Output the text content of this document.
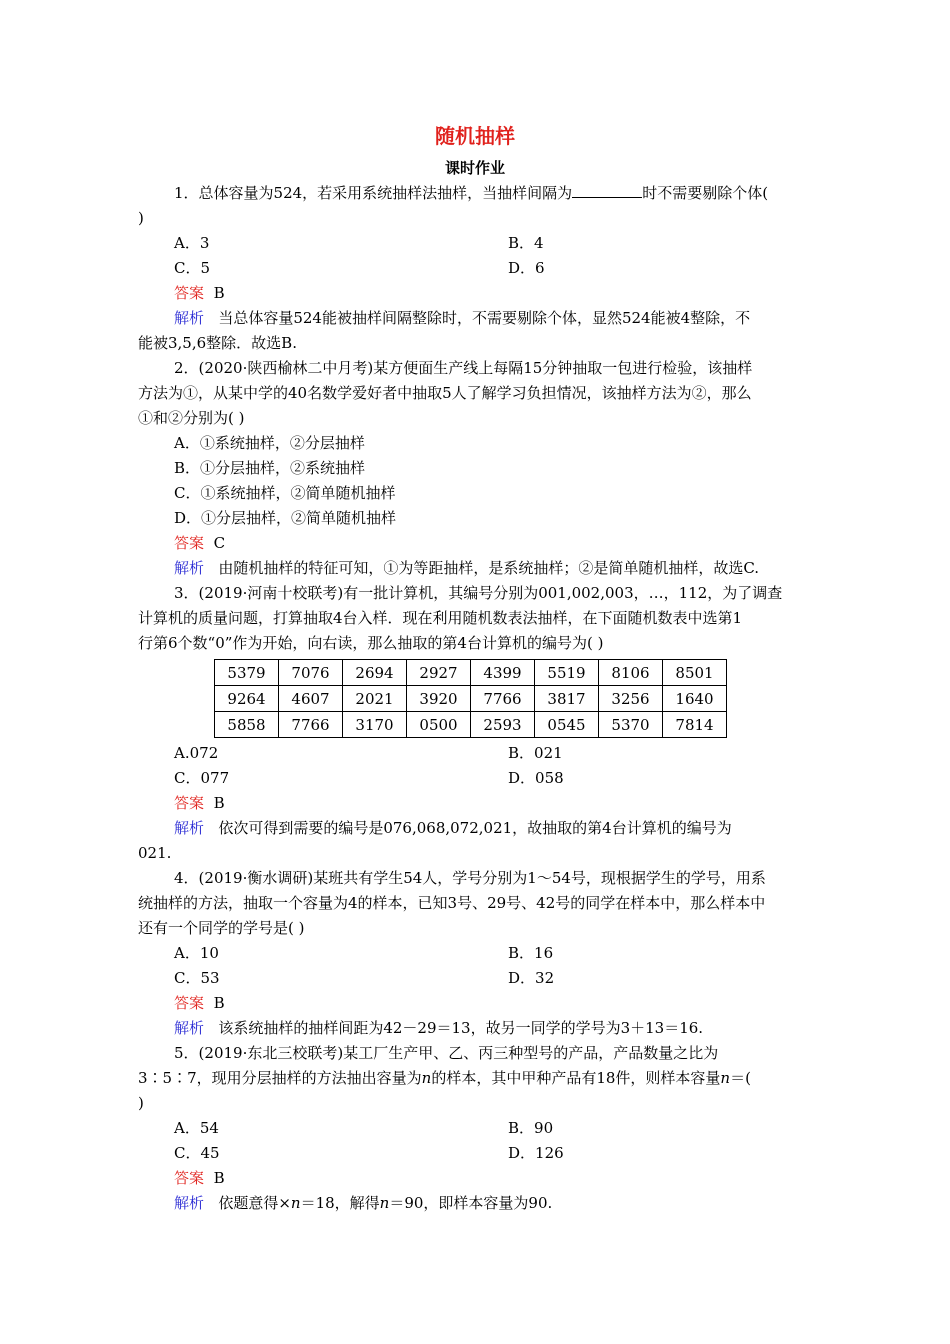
随机抽样
课时作业
1．总体容量为524，若采用系统抽样法抽样，当抽样间隔为	时不需要剔除个体(
)
A．3	B．4
C．5	D．6
答案 B
解析 当总体容量524能被抽样间隔整除时，不需要剔除个体，显然524能被4整除，不
能被3,5,6整除．故选B.
2．(2020·陕西榆林二中月考)某方便面生产线上每隔15分钟抽取一包进行检验，该抽样
方法为①，从某中学的40名数学爱好者中抽取5人了解学习负担情况，该抽样方法为②，那么
①和②分别为( )
A．①系统抽样，②分层抽样
B．①分层抽样，②系统抽样
C．①系统抽样，②简单随机抽样
D．①分层抽样，②简单随机抽样
答案 C
解析 由随机抽样的特征可知，①为等距抽样，是系统抽样；②是简单随机抽样，故选C.
3．(2019·河南十校联考)有一批计算机，其编号分别为001,002,003，…，112，为了调查
计算机的质量问题，打算抽取4台入样．现在利用随机数表法抽样，在下面随机数表中选第1
行第6个数“0”作为开始，向右读，那么抽取的第4台计算机的编号为( )
5379	7076	2694	2927	4399	5519	8106	8501
9264	4607	2021	3920	7766	3817	3256	1640
5858	7766	3170	0500	2593	0545	5370	7814
A.072	B．021
C．077	D．058
答案 B
解析 依次可得到需要的编号是076,068,072,021，故抽取的第4台计算机的编号为
021.
4．(2019·衡水调研)某班共有学生54人，学号分别为1～54号，现根据学生的学号，用系
统抽样的方法，抽取一个容量为4的样本，已知3号、29号、42号的同学在样本中，那么样本中
还有一个同学的学号是( )
A．10	B．16
C．53	D．32
答案 B
解析 该系统抽样的抽样间距为42－29＝13，故另一同学的学号为3＋13＝16.
5．(2019·东北三校联考)某工厂生产甲、乙、丙三种型号的产品，产品数量之比为
3∶5∶7，现用分层抽样的方法抽出容量为n的样本，其中甲种产品有18件，则样本容量n＝(
)
A．54	B．90
C．45	D．126
答案 B
解析 依题意得×n＝18，解得n＝90，即样本容量为90.
